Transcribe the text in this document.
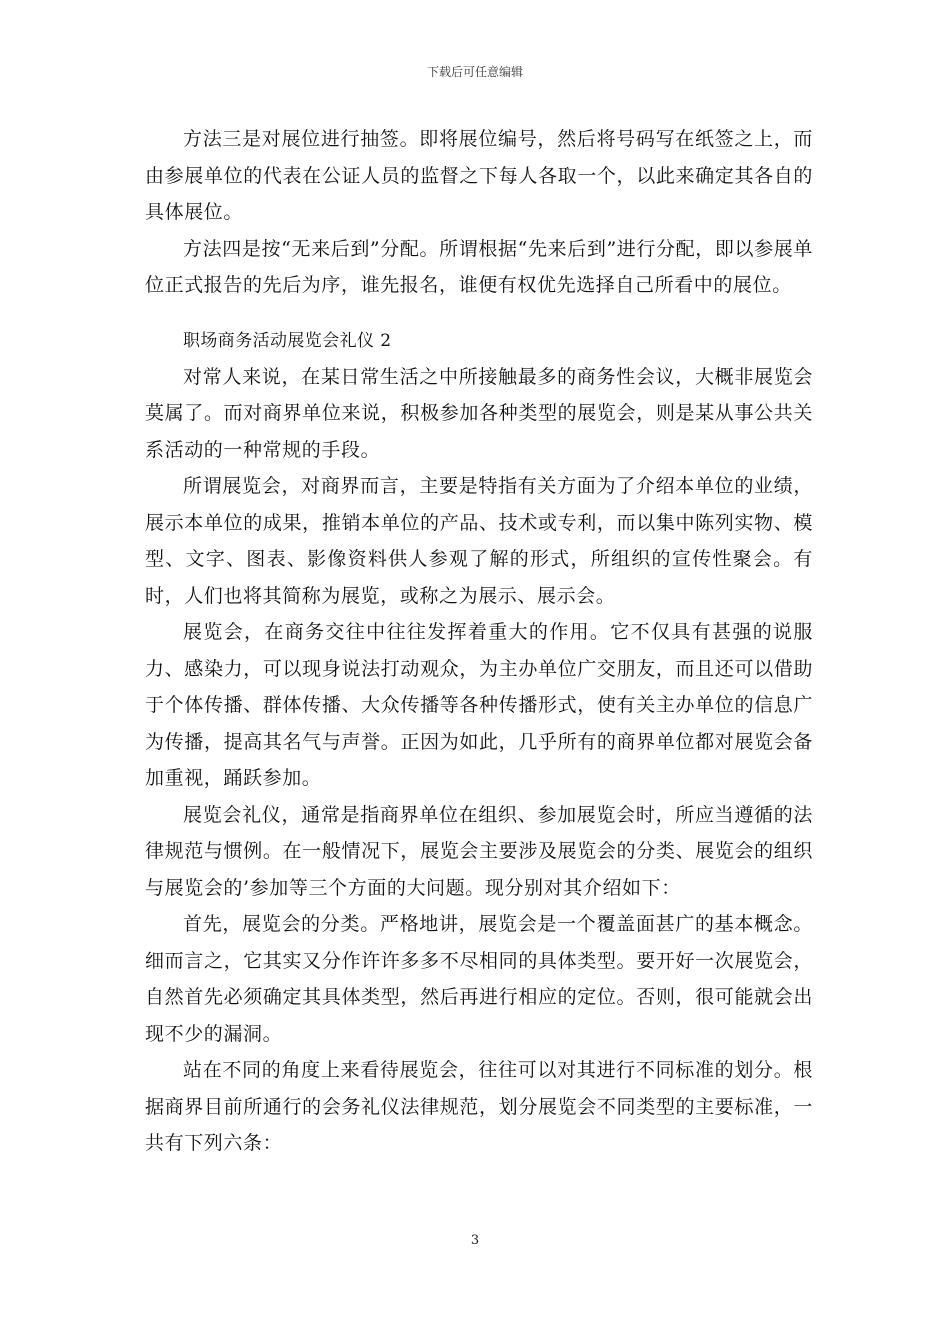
下载后可任意编辑

方法三是对展位进行抽签。即将展位编号，然后将号码写在纸签之上，而由参展单位的代表在公证人员的监督之下每人各取一个，以此来确定其各自的具体展位。

方法四是按“无来后到”分配。所谓根据“先来后到”进行分配，即以参展单位正式报告的先后为序，谁先报名，谁便有权优先选择自己所看中的展位。

职场商务活动展览会礼仪 2

对常人来说，在某日常生活之中所接触最多的商务性会议，大概非展览会莫属了。而对商界单位来说，积极参加各种类型的展览会，则是某从事公共关系活动的一种常规的手段。

所谓展览会，对商界而言，主要是特指有关方面为了介绍本单位的业绩，展示本单位的成果，推销本单位的产品、技术或专利，而以集中陈列实物、模型、文字、图表、影像资料供人参观了解的形式，所组织的宣传性聚会。有时，人们也将其简称为展览，或称之为展示、展示会。

展览会，在商务交往中往往发挥着重大的作用。它不仅具有甚强的说服力、感染力，可以现身说法打动观众，为主办单位广交朋友，而且还可以借助于个体传播、群体传播、大众传播等各种传播形式，使有关主办单位的信息广为传播，提高其名气与声誉。正因为如此，几乎所有的商界单位都对展览会备加重视，踊跃参加。

展览会礼仪，通常是指商界单位在组织、参加展览会时，所应当遵循的法律规范与惯例。在一般情况下，展览会主要涉及展览会的分类、展览会的组织与展览会的’参加等三个方面的大问题。现分别对其介绍如下：

首先，展览会的分类。严格地讲，展览会是一个覆盖面甚广的基本概念。细而言之，它其实又分作许许多多不尽相同的具体类型。要开好一次展览会，自然首先必须确定其具体类型，然后再进行相应的定位。否则，很可能就会出现不少的漏洞。

站在不同的角度上来看待展览会，往往可以对其进行不同标准的划分。根据商界目前所通行的会务礼仪法律规范，划分展览会不同类型的主要标准，一共有下列六条：

3
